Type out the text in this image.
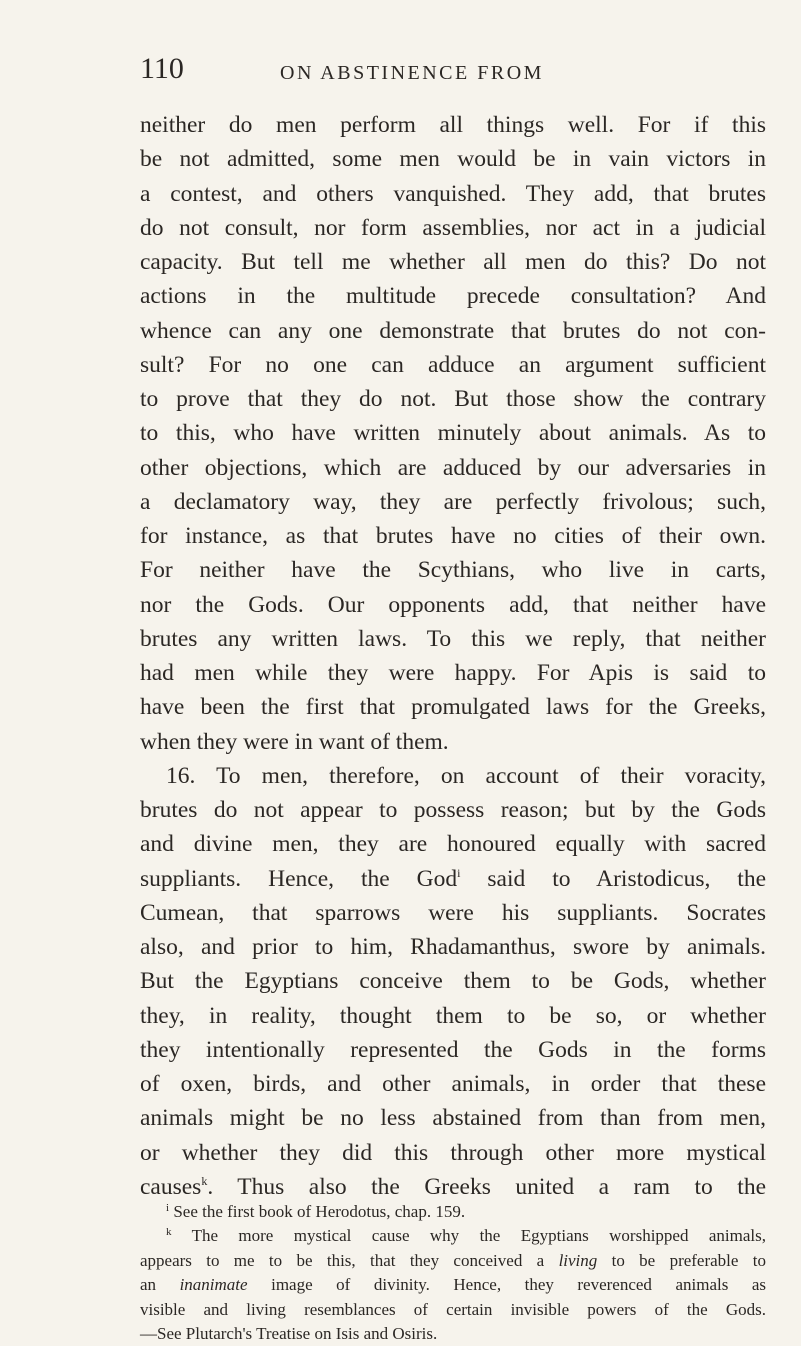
110	ON ABSTINENCE FROM
neither do men perform all things well. For if this
be not admitted, some men would be in vain victors in
a contest, and others vanquished. They add, that brutes
do not consult, nor form assemblies, nor act in a judicial
capacity. But tell me whether all men do this? Do not
actions in the multitude precede consultation? And
whence can any one demonstrate that brutes do not con-
sult? For no one can adduce an argument sufficient
to prove that they do not. But those show the contrary
to this, who have written minutely about animals. As to
other objections, which are adduced by our adversaries in
a declamatory way, they are perfectly frivolous; such,
for instance, as that brutes have no cities of their own.
For neither have the Scythians, who live in carts,
nor the Gods. Our opponents add, that neither have
brutes any written laws. To this we reply, that neither
had men while they were happy. For Apis is said to
have been the first that promulgated laws for the Greeks,
when they were in want of them.
16. To men, therefore, on account of their voracity,
brutes do not appear to possess reason; but by the Gods
and divine men, they are honoured equally with sacred
suppliants. Hence, the God$^i$ said to Aristodicus, the
Cumean, that sparrows were his suppliants. Socrates
also, and prior to him, Rhadamanthus, swore by animals.
But the Egyptians conceive them to be Gods, whether
they, in reality, thought them to be so, or whether
they intentionally represented the Gods in the forms
of oxen, birds, and other animals, in order that these
animals might be no less abstained from than from men,
or whether they did this through other more mystical
causes$^k$. Thus also the Greeks united a ram to the
$^i$ See the first book of Herodotus, chap. 159.
$^k$ The more mystical cause why the Egyptians worshipped animals,
appears to me to be this, that they conceived a living to be preferable to
an inanimate image of divinity. Hence, they reverenced animals as
visible and living resemblances of certain invisible powers of the Gods.
—See Plutarch's Treatise on Isis and Osiris.
